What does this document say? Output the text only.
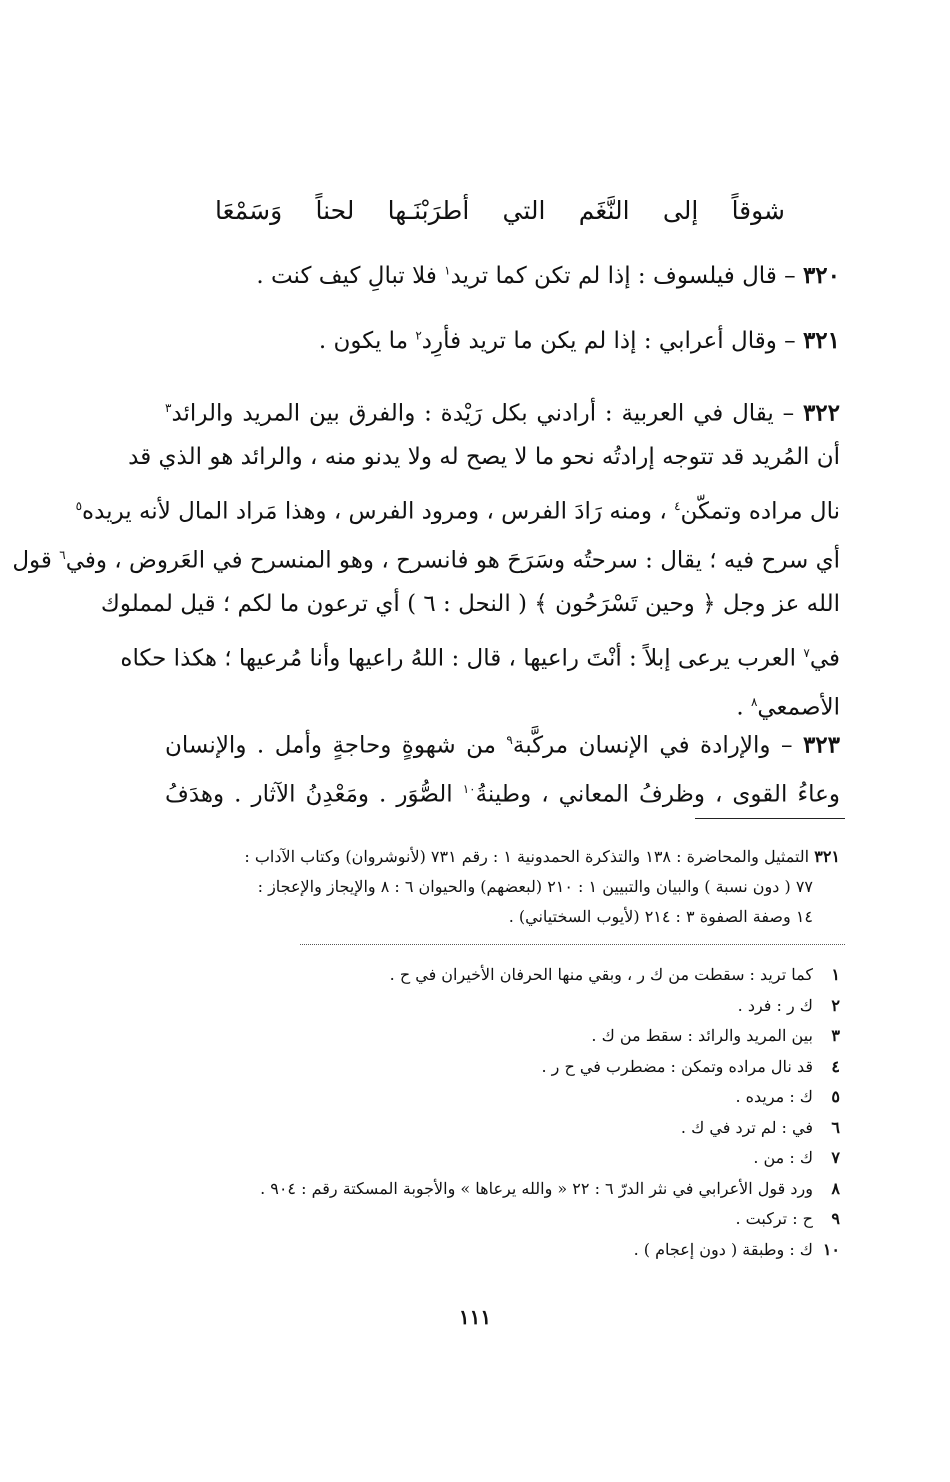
شوقاً
إلى
النَّغَم
التي
أطرَبْنَـها
لحناً
وَسَمْعَا
٣٢٠ – قال فيلسوف : إذا لم تكن كما تريد$^١$ فلا تبالِ كيف كنت .
٣٢١ – وقال أعرابي : إذا لم يكن ما تريد فأرِد$^٢$ ما يكون .
٣٢٢ – يقال في العربية : أرادني بكل رَيْدة : والفرق بين المريد والرائد$^٣$
أن المُريد قد تتوجه إرادتُه نحو ما لا يصح له ولا يدنو منه ، والرائد هو الذي قد
نال مراده وتمكّن$^٤$ ، ومنه رَادَ الفرس ، ومرود الفرس ، وهذا مَراد المال لأنه يريده$^٥$
أي سرح فيه ؛ يقال : سرحتُه وسَرَحَ هو فانسرح ، وهو المنسرح في العَروض ، وفي$^٦$ قول
الله عز وجل ﴿ وحين تَسْرَحُون ﴾ ( النحل : ٦ ) أي ترعون ما لكم ؛ قيل لمملوك
في$^٧$ العرب يرعى إبلاً : أنْتَ راعيها ، قال : اللهُ راعيها وأنا مُرعيها ؛ هكذا حكاه
الأصمعي$^٨$ .
٣٢٣ – والإرادة في الإنسان مركَّبة$^٩$ من شهوةٍ وحاجةٍ وأمل . والإنسان
وعاءُ القوى ، وظرفُ المعاني ، وطينةُ$^{١٠}$ الصُّوَر . ومَعْدِنُ الآثار . وهدَفُ
٣٢١ التمثيل والمحاضرة : ١٣٨ والتذكرة الحمدونية ١ : رقم ٧٣١ (لأنوشروان) وكتاب الآداب :
٧٧ ( دون نسبة ) والبيان والتبيين ١ : ٢١٠ (لبعضهم) والحيوان ٦ : ٨ والإيجاز والإعجاز :
١٤ وصفة الصفوة ٣ : ٢١٤ (لأيوب السختياني) .
١
كما تريد : سقطت من ك ر ، وبقي منها الحرفان الأخيران في ح .
٢
ك ر : فرد .
٣
بين المريد والرائد : سقط من ك .
٤
قد نال مراده وتمكن : مضطرب في ح ر .
٥
ك : مريده .
٦
في : لم ترد في ك .
٧
ك : من .
٨
ورد قول الأعرابي في نثر الدرّ ٦ : ٢٢ « والله يرعاها » والأجوبة المسكتة رقم : ٩٠٤ .
٩
ح : تركبت .
١٠
ك : وطبقة ( دون إعجام ) .
١١١
